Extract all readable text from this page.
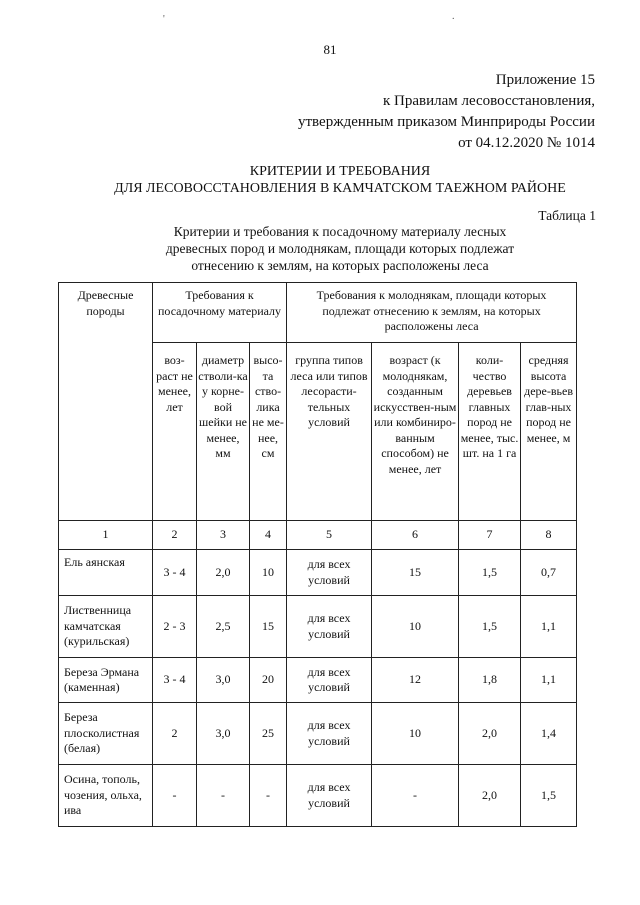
'	.
81
Приложение 15
к Правилам лесовосстановления,
утвержденным приказом Минприроды России
от 04.12.2020 № 1014
КРИТЕРИИ И ТРЕБОВАНИЯ
ДЛЯ ЛЕСОВОССТАНОВЛЕНИЯ В КАМЧАТСКОМ ТАЕЖНОМ РАЙОНЕ
Таблица 1
Критерии и требования к посадочному материалу лесных
древесных пород и молоднякам, площади которых подлежат
отнесению к землям, на которых расположены леса
Древесные породы	Требования к посадочному материалу			Требования к молоднякам, площади которых подлежат отнесению к землям, на которых расположены леса			
	воз-раст не менее, лет	диаметр стволи-ка у корне-вой шейки не менее, мм	высо-та ство-лика не ме-нее, см	группа типов леса или типов лесорасти-тельных условий	возраст (к молоднякам, созданным искусствен-ным или комбиниро-ванным способом) не менее, лет	коли-чество деревьев главных пород не менее, тыс. шт. на 1 га	средняя высота дере-вьев глав-ных пород не менее, м
1	2	3	4	5	6	7	8
Ель аянская	3 - 4	2,0	10	для всех условий	15	1,5	0,7
Лиственница камчатская (курильская)	2 - 3	2,5	15	для всех условий	10	1,5	1,1
Береза Эрмана (каменная)	3 - 4	3,0	20	для всех условий	12	1,8	1,1
Береза плосколистная (белая)	2	3,0	25	для всех условий	10	2,0	1,4
Осина, тополь, чозения, ольха, ива	-	-	-	для всех условий	-	2,0	1,5
